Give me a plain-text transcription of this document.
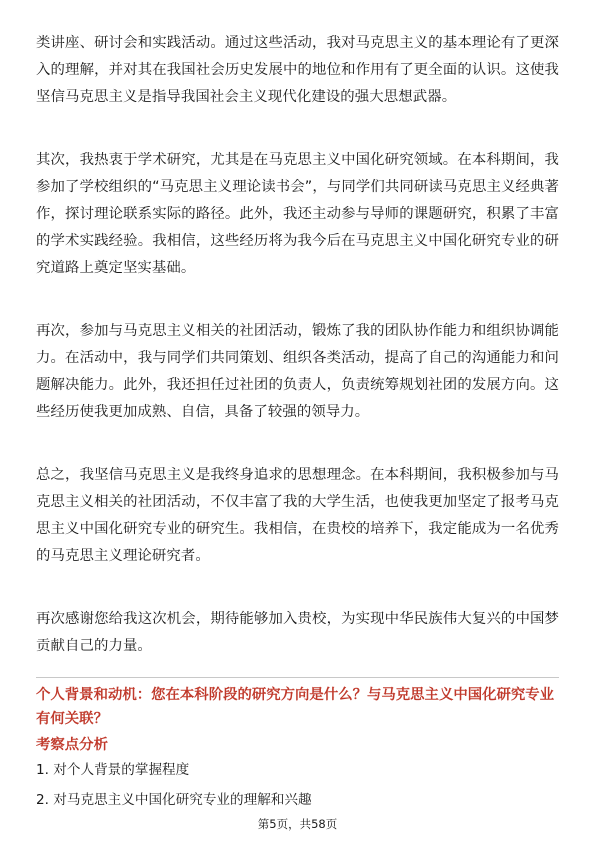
类讲座、研讨会和实践活动。通过这些活动，我对马克思主义的基本理论有了更深入的理解，并对其在我国社会历史发展中的地位和作用有了更全面的认识。这使我坚信马克思主义是指导我国社会主义现代化建设的强大思想武器。

其次，我热衷于学术研究，尤其是在马克思主义中国化研究领域。在本科期间，我参加了学校组织的“马克思主义理论读书会”，与同学们共同研读马克思主义经典著作，探讨理论联系实际的路径。此外，我还主动参与导师的课题研究，积累了丰富的学术实践经验。我相信，这些经历将为我今后在马克思主义中国化研究专业的研究道路上奠定坚实基础。

再次，参加与马克思主义相关的社团活动，锻炼了我的团队协作能力和组织协调能力。在活动中，我与同学们共同策划、组织各类活动，提高了自己的沟通能力和问题解决能力。此外，我还担任过社团的负责人，负责统筹规划社团的发展方向。这些经历使我更加成熟、自信，具备了较强的领导力。

总之，我坚信马克思主义是我终身追求的思想理念。在本科期间，我积极参加与马克思主义相关的社团活动，不仅丰富了我的大学生活，也使我更加坚定了报考马克思主义中国化研究专业的研究生。我相信，在贵校的培养下，我定能成为一名优秀的马克思主义理论研究者。

再次感谢您给我这次机会，期待能够加入贵校，为实现中华民族伟大复兴的中国梦贡献自己的力量。

个人背景和动机：您在本科阶段的研究方向是什么？与马克思主义中国化研究专业有何关联？

考察点分析

1. 对个人背景的掌握程度

2. 对马克思主义中国化研究专业的理解和兴趣

第5页，共58页
